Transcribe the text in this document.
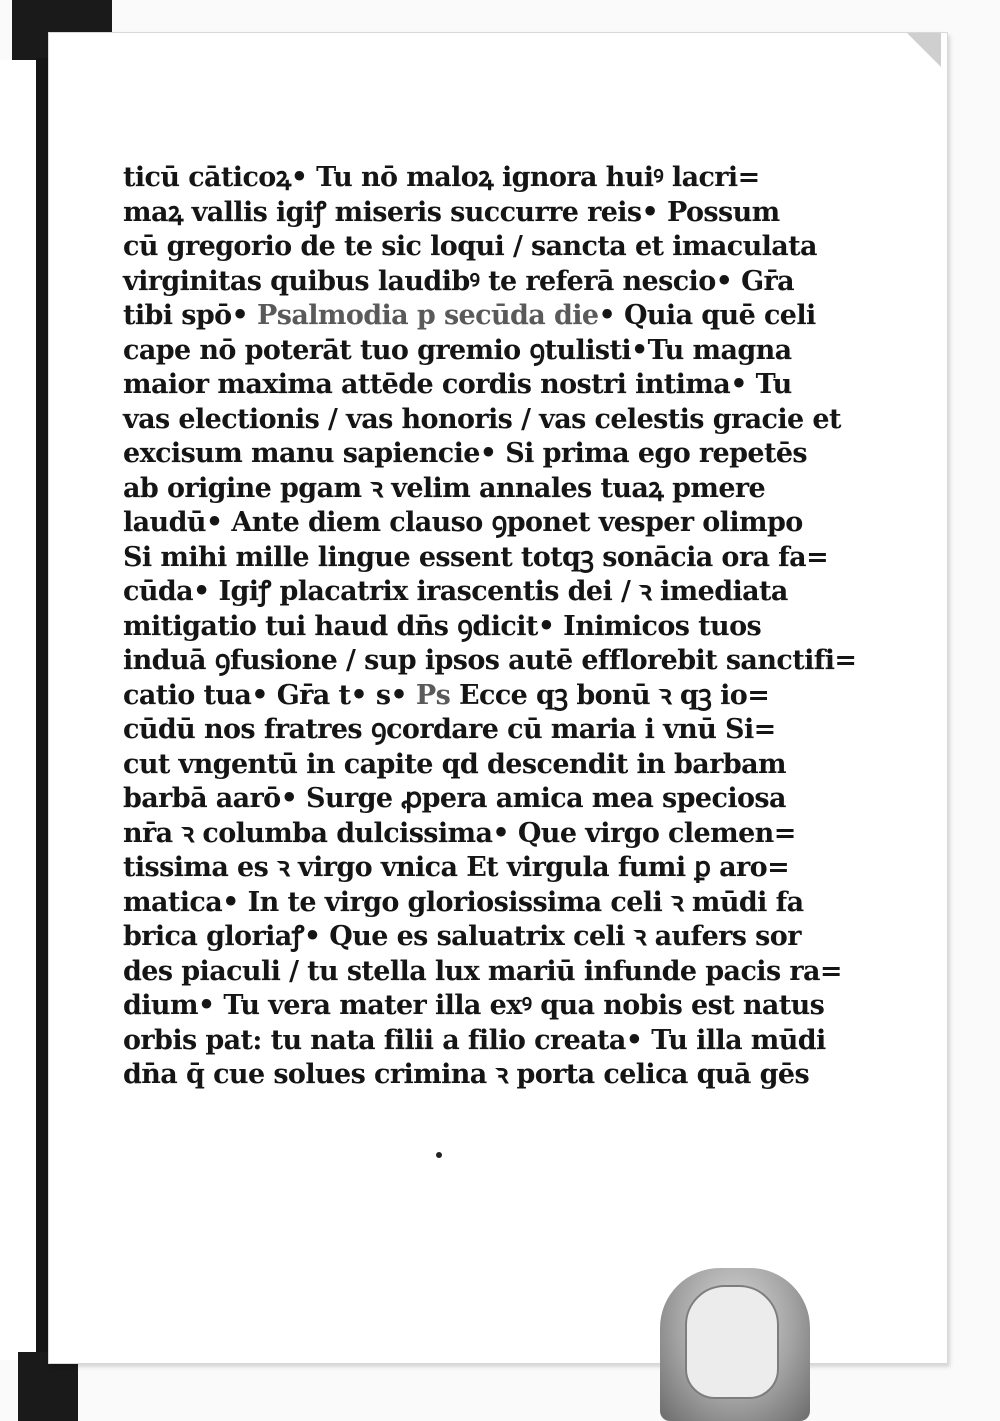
ticū cāticoꝝ• Tu nō maloꝝ ignora huiꝰ lacri=
maꝝ vallis igiꝭ miseris succurre reis• Possum
cū gregorio de te sic loqui / sancta et imaculata
virginitas quibus laudibꝰ te referā nescio• Gr̄a
tibi spō• Psalmodia p secūda die• Quia quē celi
cape nō poterāt tuo gremio ꝯtulisti•Tu magna
maior maxima attēde cordis nostri intima• Tu
vas electionis / vas honoris / vas celestis gracie et
excisum manu sapiencie• Si prima ego repetēs
ab origine pgam ꝛ velim annales tuaꝝ pmere
laudū• Ante diem clauso ꝯponet vesper olimpo
Si mihi mille lingue essent totqꝫ sonācia ora fa=
cūda• Igiꝭ placatrix irascentis dei / ꝛ imediata
mitigatio tui haud dn̄s ꝯdicit• Inimicos tuos
induā ꝯfusione / sup ipsos autē efflorebit sanctifi=
catio tua• Gr̄a t• s• Ps Ecce qꝫ bonū ꝛ qꝫ io=
cūdū nos fratres ꝯcordare cū maria i vnū Si=
cut vngentū in capite qd descendit in barbam
barbā aarō• Surge ꝓpera amica mea speciosa
nr̄a ꝛ columba dulcissima• Que virgo clemen=
tissima es ꝛ virgo vnica Et virgula fumi ꝑ aro=
matica• In te virgo gloriosissima celi ꝛ mūdi fa
brica gloriaꝭ• Que es saluatrix celi ꝛ aufers sor
des piaculi / tu stella lux mariū infunde pacis ra=
dium• Tu vera mater illa exꝰ qua nobis est natus
orbis pat: tu nata filii a filio creata• Tu illa mūdi
dn̄a q̄ cue solues crimina ꝛ porta celica quā gēs
